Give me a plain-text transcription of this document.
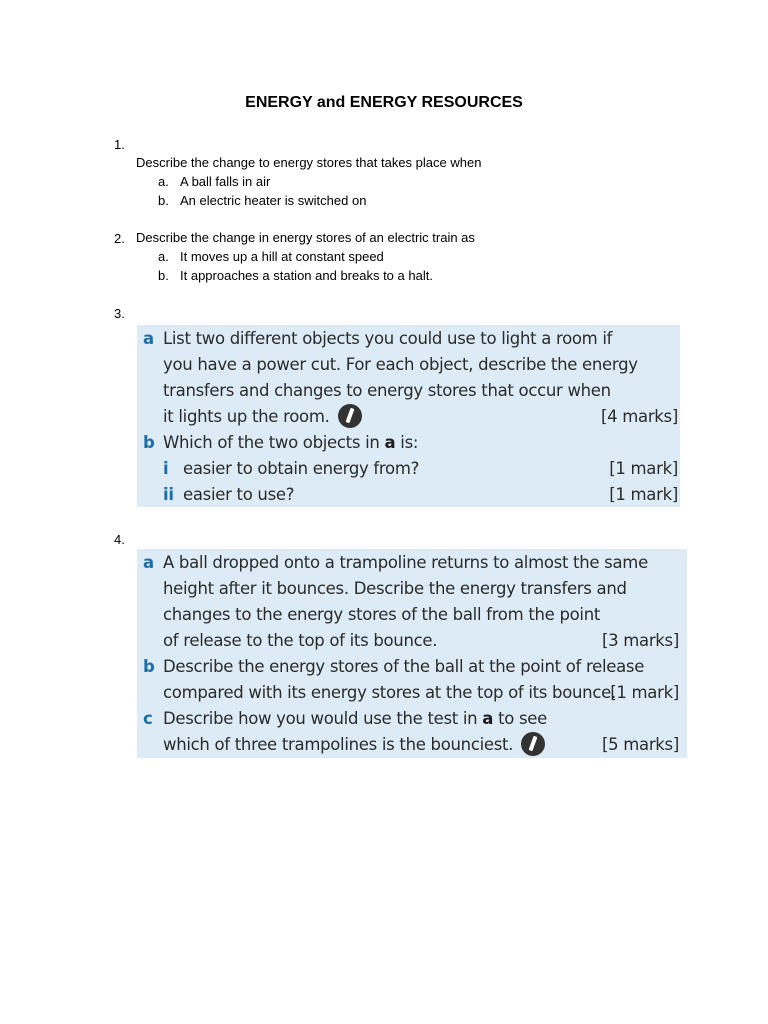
ENERGY and ENERGY RESOURCES
1.
Describe the change to energy stores that takes place when
a. A ball falls in air
b. An electric heater is switched on
2. Describe the change in energy stores of an electric train as
a. It moves up a hill at constant speed
b. It approaches a station and breaks to a halt.
3.
a List two different objects you could use to light a room if
you have a power cut. For each object, describe the energy
transfers and changes to energy stores that occur when
it lights up the room.	[4 marks]
b Which of the two objects in a is:
i easier to obtain energy from?	[1 mark]
ii easier to use?	[1 mark]
4.
a A ball dropped onto a trampoline returns to almost the same
height after it bounces. Describe the energy transfers and
changes to the energy stores of the ball from the point
of release to the top of its bounce.	[3 marks]
b Describe the energy stores of the ball at the point of release
compared with its energy stores at the top of its bounce.
[1 mark]
c Describe how you would use the test in a to see
which of three trampolines is the bounciest.	[5 marks]
